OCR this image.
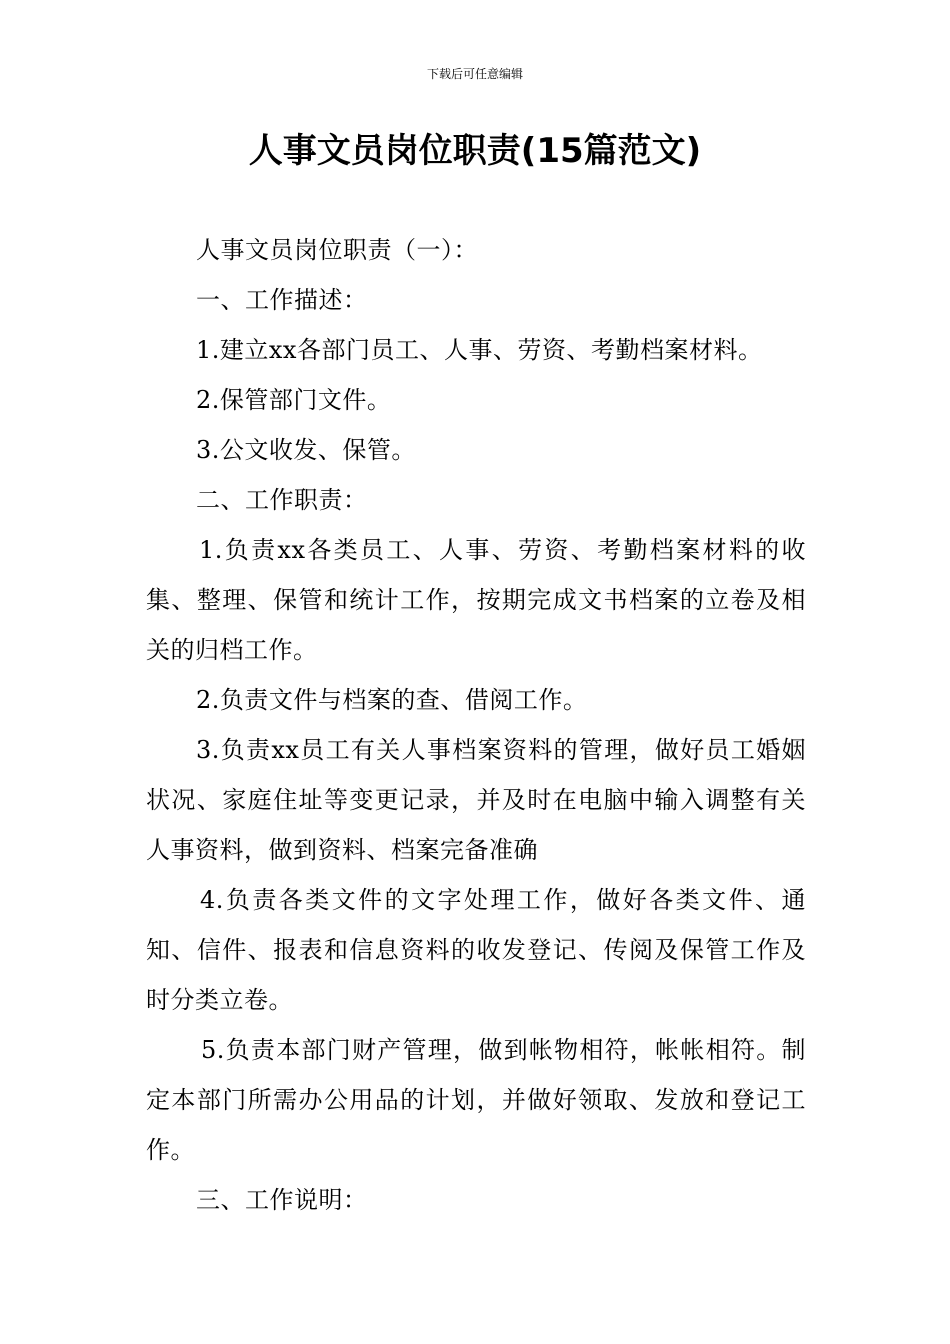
下载后可任意编辑
人事文员岗位职责(15篇范文)

人事文员岗位职责（一）：

一、工作描述：

1.建立xx各部门员工、人事、劳资、考勤档案材料。

2.保管部门文件。

3.公文收发、保管。

二、工作职责：

1.负责xx各类员工、人事、劳资、考勤档案材料的收集、整理、保管和统计工作，按期完成文书档案的立卷及相关的归档工作。

2.负责文件与档案的查、借阅工作。

3.负责xx员工有关人事档案资料的管理，做好员工婚姻状况、家庭住址等变更记录，并及时在电脑中输入调整有关人事资料，做到资料、档案完备准确

4.负责各类文件的文字处理工作，做好各类文件、通知、信件、报表和信息资料的收发登记、传阅及保管工作及时分类立卷。

5.负责本部门财产管理，做到帐物相符，帐帐相符。制定本部门所需办公用品的计划，并做好领取、发放和登记工作。

三、工作说明：
